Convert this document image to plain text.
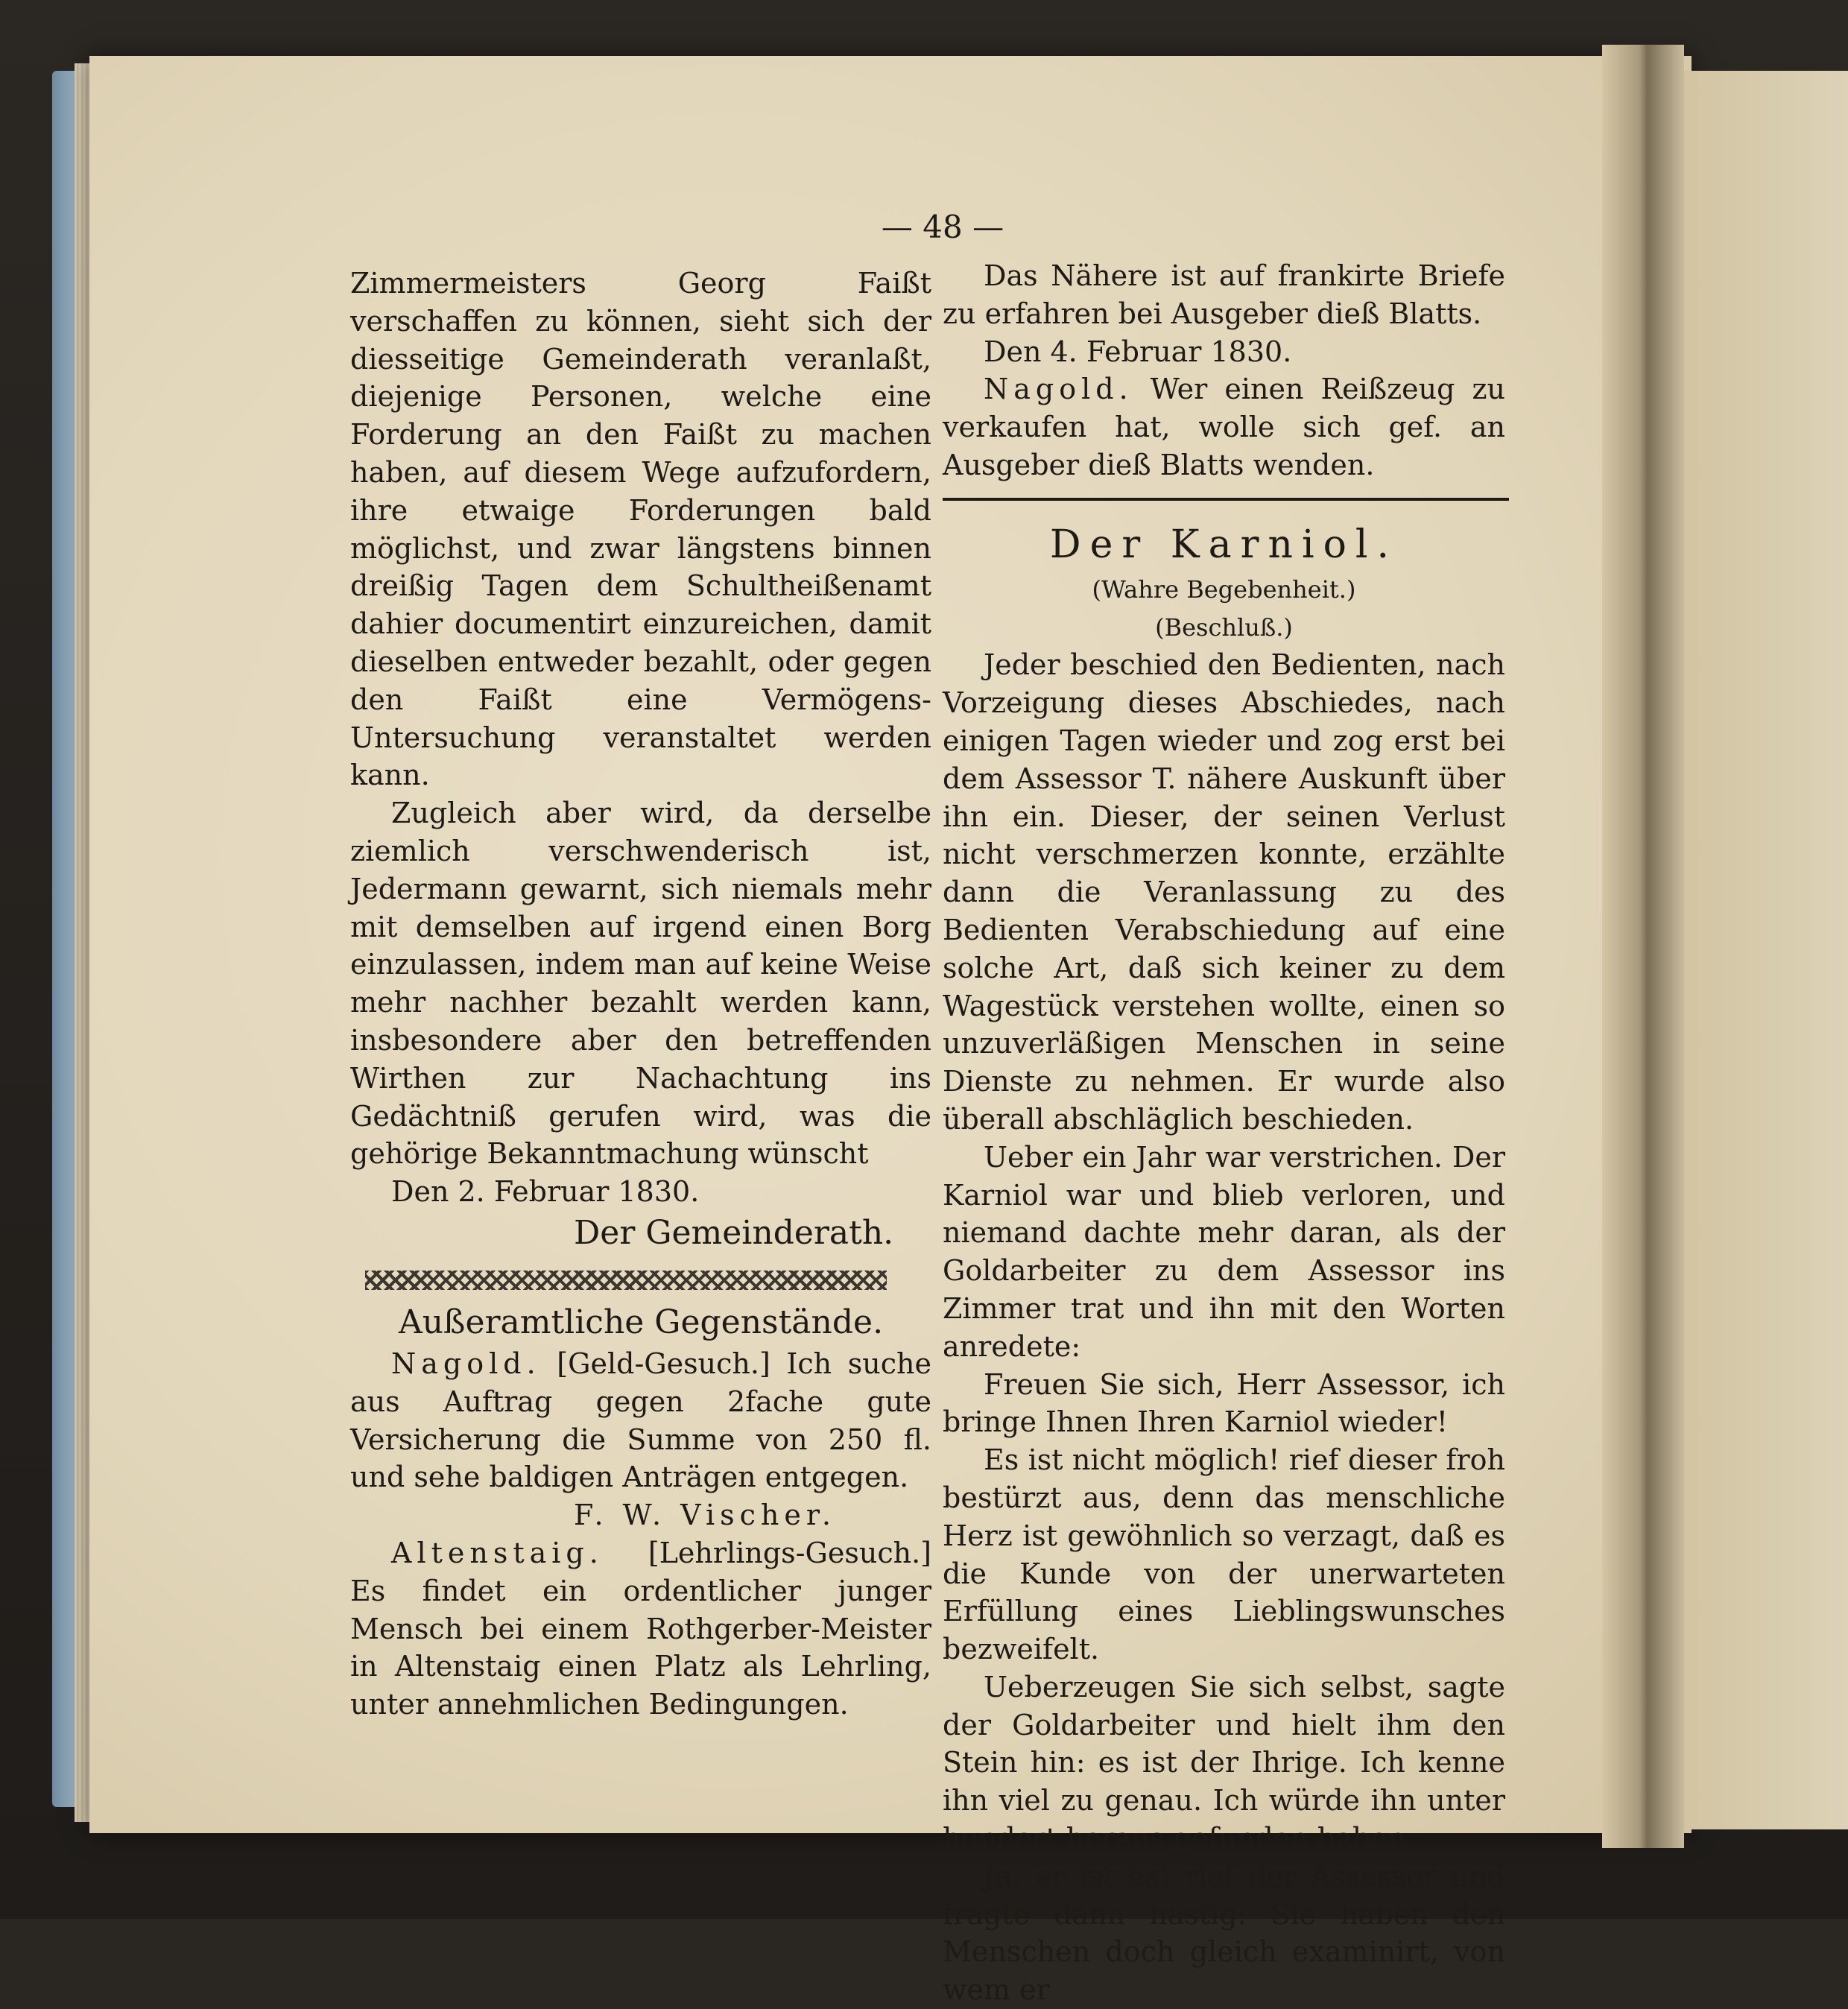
— 48 —

Zimmermeisters Georg Faißt verschaffen zu können, sieht sich der diesseitige Gemeinderath veranlaßt, diejenige Personen, welche eine Forderung an den Faißt zu machen haben, auf diesem Wege aufzufordern, ihre etwaige Forderungen bald möglichst, und zwar längstens binnen dreißig Tagen dem Schultheißenamt dahier documentirt einzureichen, damit dieselben entweder bezahlt, oder gegen den Faißt eine Vermögens-Untersuchung veranstaltet werden kann.

Zugleich aber wird, da derselbe ziemlich verschwenderisch ist, Jedermann gewarnt, sich niemals mehr mit demselben auf irgend einen Borg einzulassen, indem man auf keine Weise mehr nachher bezahlt werden kann, insbesondere aber den betreffenden Wirthen zur Nachachtung ins Gedächtniß gerufen wird, was die gehörige Bekanntmachung wünscht

Den 2. Februar 1830.

Der Gemeinderath.

Außeramtliche Gegenstände.

Nagold. [Geld-Gesuch.] Ich suche aus Auftrag gegen 2fache gute Versicherung die Summe von 250 fl. und sehe baldigen Anträgen entgegen.

F. W. Vischer.

Altenstaig. [Lehrlings-Gesuch.] Es findet ein ordentlicher junger Mensch bei einem Rothgerber-Meister in Altenstaig einen Platz als Lehrling, unter annehmlichen Bedingungen.

Das Nähere ist auf frankirte Briefe zu erfahren bei Ausgeber dieß Blatts.

Den 4. Februar 1830.

Nagold. Wer einen Reißzeug zu verkaufen hat, wolle sich gef. an Ausgeber dieß Blatts wenden.

Der Karniol.

(Wahre Begebenheit.)

(Beschluß.)

Jeder beschied den Bedienten, nach Vorzeigung dieses Abschiedes, nach einigen Tagen wieder und zog erst bei dem Assessor T. nähere Auskunft über ihn ein. Dieser, der seinen Verlust nicht verschmerzen konnte, erzählte dann die Veranlassung zu des Bedienten Verabschiedung auf eine solche Art, daß sich keiner zu dem Wagestück verstehen wollte, einen so unzuverläßigen Menschen in seine Dienste zu nehmen. Er wurde also überall abschläglich beschieden.

Ueber ein Jahr war verstrichen. Der Karniol war und blieb verloren, und niemand dachte mehr daran, als der Goldarbeiter zu dem Assessor ins Zimmer trat und ihn mit den Worten anredete:

Freuen Sie sich, Herr Assessor, ich bringe Ihnen Ihren Karniol wieder!

Es ist nicht möglich! rief dieser froh bestürzt aus, denn das menschliche Herz ist gewöhnlich so verzagt, daß es die Kunde von der unerwarteten Erfüllung eines Lieblingswunsches bezweifelt.

Ueberzeugen Sie sich selbst, sagte der Goldarbeiter und hielt ihm den Stein hin: es ist der Ihrige. Ich kenne ihn viel zu genau. Ich würde ihn unter hundert heraus gefunden haben.

Ja, er ist es! rief der Assessor und fragte dann hastig: Sie haben den Menschen doch gleich examinirt, von wem er
